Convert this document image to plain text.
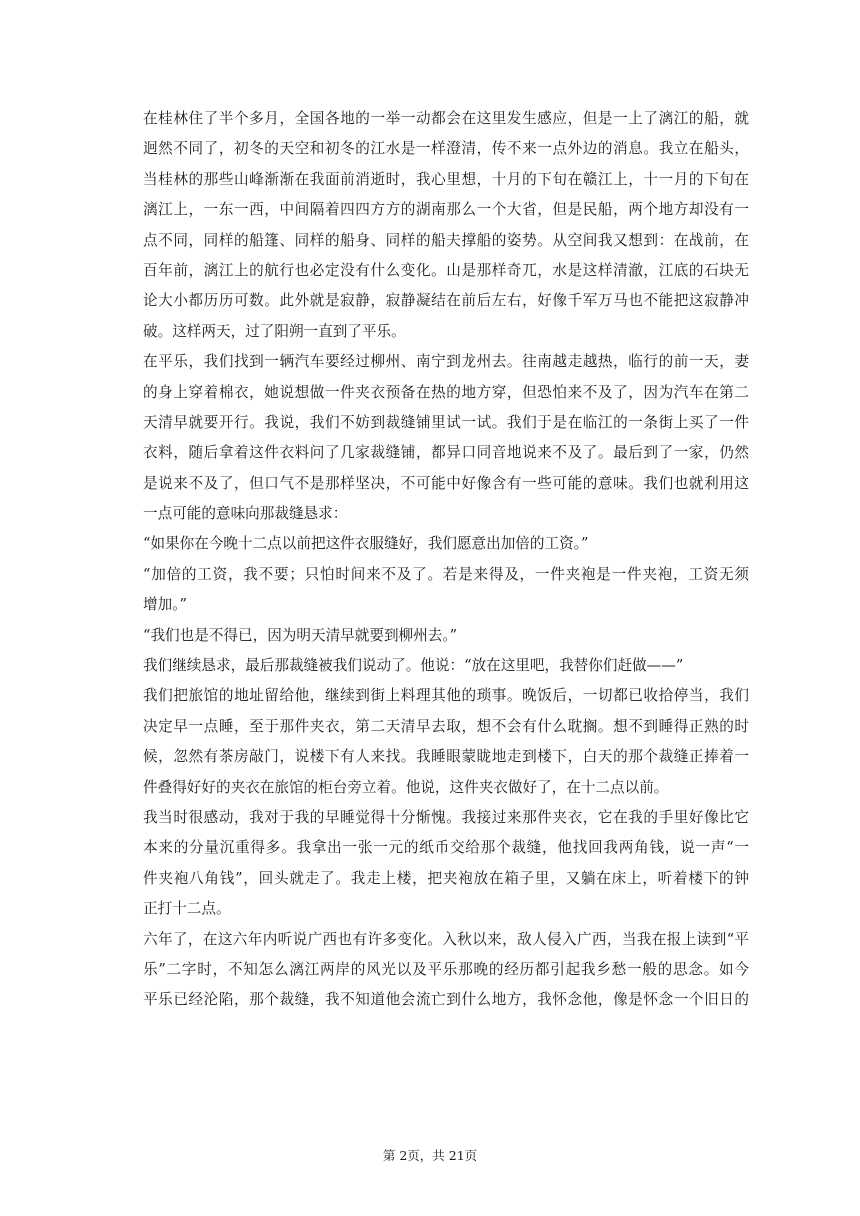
在桂林住了半个多月，全国各地的一举一动都会在这里发生感应，但是一上了漓江的船，就
迥然不同了，初冬的天空和初冬的江水是一样澄清，传不来一点外边的消息。我立在船头，
当桂林的那些山峰渐渐在我面前消逝时，我心里想，十月的下旬在赣江上，十一月的下旬在
漓江上，一东一西，中间隔着四四方方的湖南那么一个大省，但是民船，两个地方却没有一
点不同，同样的船篷、同样的船身、同样的船夫撑船的姿势。从空间我又想到：在战前，在
百年前，漓江上的航行也必定没有什么变化。山是那样奇兀，水是这样清澈，江底的石块无
论大小都历历可数。此外就是寂静，寂静凝结在前后左右，好像千军万马也不能把这寂静冲
破。这样两天，过了阳朔一直到了平乐。
在平乐，我们找到一辆汽车要经过柳州、南宁到龙州去。往南越走越热，临行的前一天，妻
的身上穿着棉衣，她说想做一件夹衣预备在热的地方穿，但恐怕来不及了，因为汽车在第二
天清早就要开行。我说，我们不妨到裁缝铺里试一试。我们于是在临江的一条街上买了一件
衣料，随后拿着这件衣料问了几家裁缝铺，都异口同音地说来不及了。最后到了一家，仍然
是说来不及了，但口气不是那样坚决，不可能中好像含有一些可能的意味。我们也就利用这
一点可能的意味向那裁缝恳求：
“如果你在今晚十二点以前把这件衣服缝好，我们愿意出加倍的工资。”
“加倍的工资，我不要；只怕时间来不及了。若是来得及，一件夹袍是一件夹袍，工资无须
增加。”
“我们也是不得已，因为明天清早就要到柳州去。”
我们继续恳求，最后那裁缝被我们说动了。他说：“放在这里吧，我替你们赶做——”
我们把旅馆的地址留给他，继续到街上料理其他的琐事。晚饭后，一切都已收拾停当，我们
决定早一点睡，至于那件夹衣，第二天清早去取，想不会有什么耽搁。想不到睡得正熟的时
候，忽然有茶房敲门，说楼下有人来找。我睡眼蒙眬地走到楼下，白天的那个裁缝正捧着一
件叠得好好的夹衣在旅馆的柜台旁立着。他说，这件夹衣做好了，在十二点以前。
我当时很感动，我对于我的早睡觉得十分惭愧。我接过来那件夹衣，它在我的手里好像比它
本来的分量沉重得多。我拿出一张一元的纸币交给那个裁缝，他找回我两角钱，说一声“一
件夹袍八角钱”，回头就走了。我走上楼，把夹袍放在箱子里，又躺在床上，听着楼下的钟
正打十二点。
六年了，在这六年内听说广西也有许多变化。入秋以来，敌人侵入广西，当我在报上读到“平
乐”二字时，不知怎么漓江两岸的风光以及平乐那晚的经历都引起我乡愁一般的思念。如今
平乐已经沦陷，那个裁缝，我不知道他会流亡到什么地方，我怀念他，像是怀念一个旧日的
第 2页，共 21页
